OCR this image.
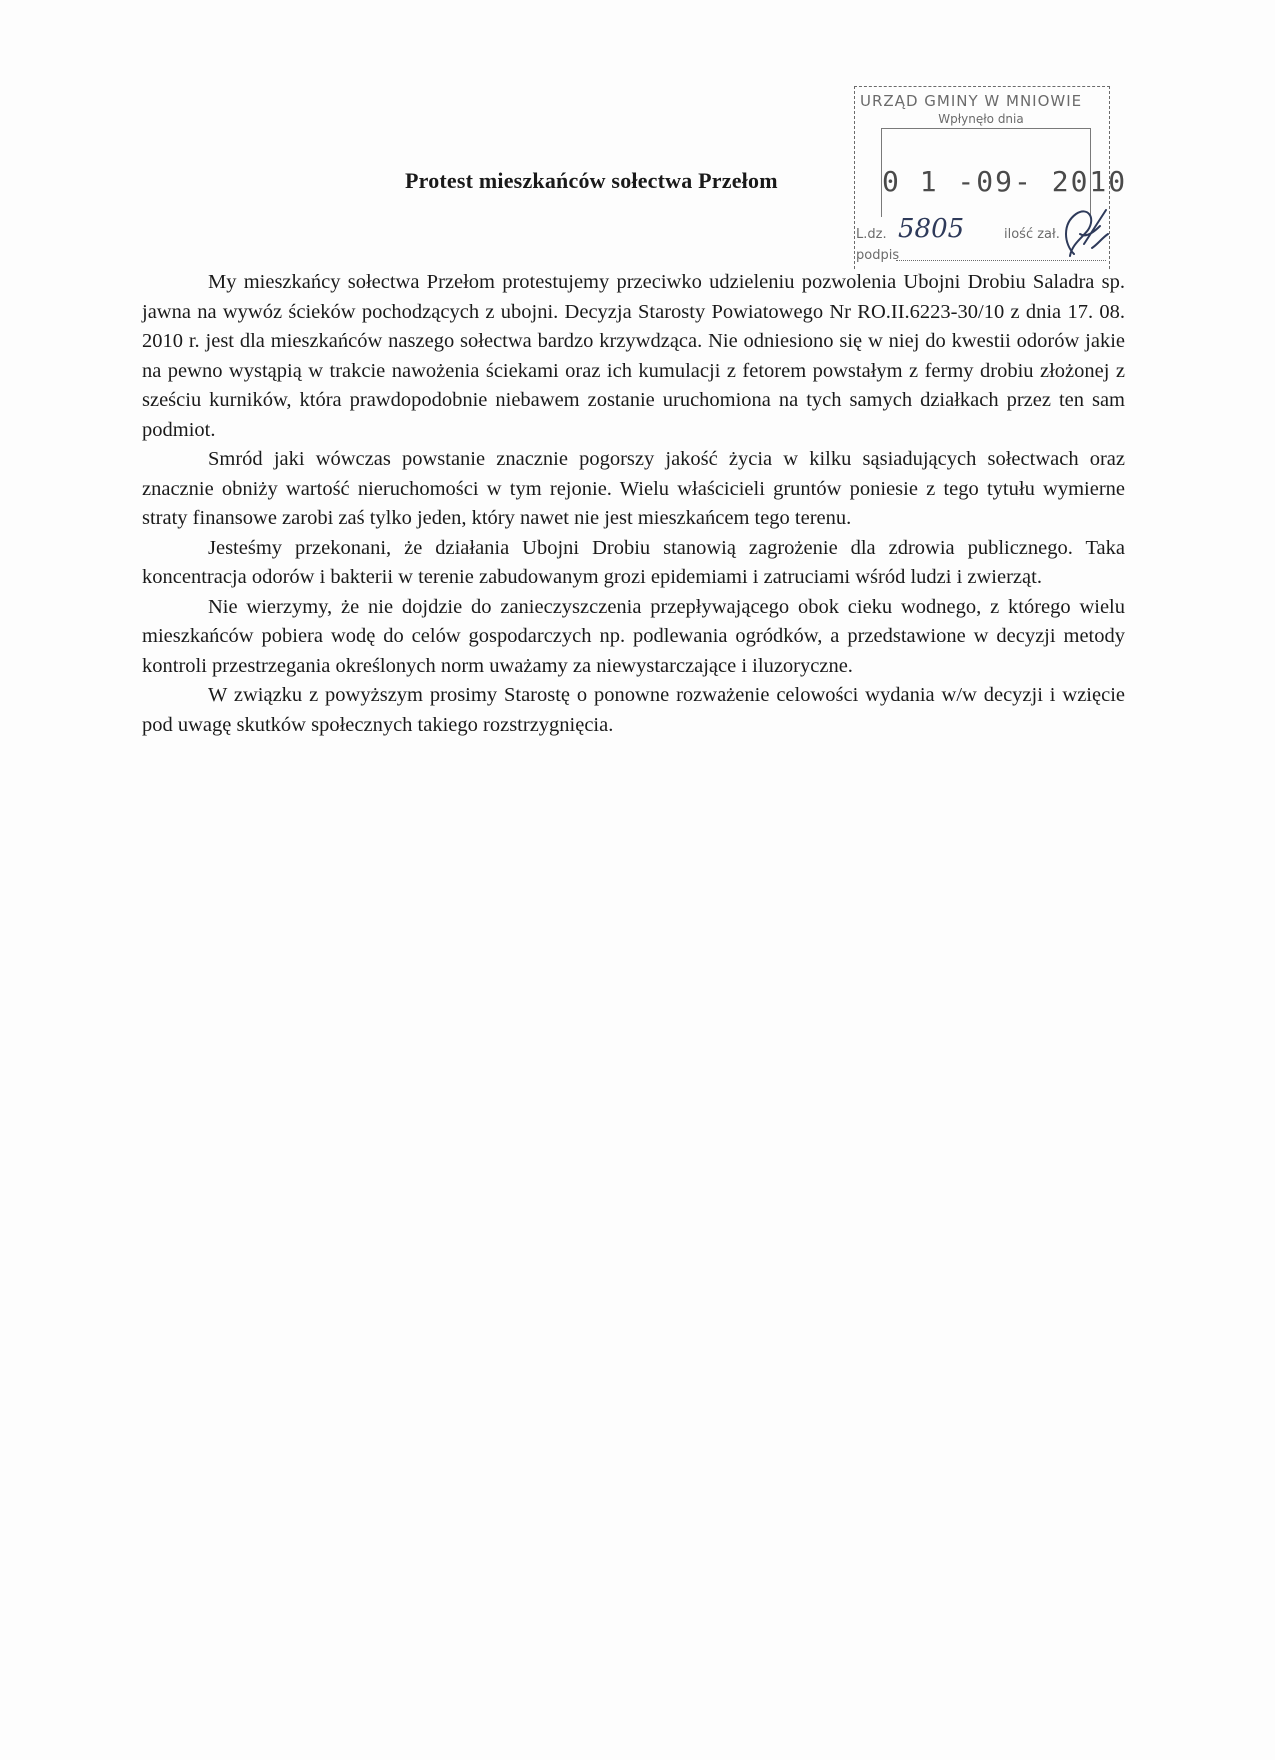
URZĄD GMINY W MNIOWIE
Wpłynęło dnia
0 1 -09- 2010
L.dz. 5805	ilość zał.
podpis
Protest mieszkańców sołectwa Przełom

My mieszkańcy sołectwa Przełom protestujemy przeciwko udzieleniu pozwolenia Ubojni Drobiu Saladra sp. jawna na wywóz ścieków pochodzących z ubojni. Decyzja Starosty Powiatowego Nr RO.II.6223-30/10 z dnia 17. 08. 2010 r. jest dla mieszkańców naszego sołectwa bardzo krzywdząca. Nie odniesiono się w niej do kwestii odorów jakie na pewno wystąpią w trakcie nawożenia ściekami oraz ich kumulacji z fetorem powstałym z fermy drobiu złożonej z sześciu kurników, która prawdopodobnie niebawem zostanie uruchomiona na tych samych działkach przez ten sam podmiot.

Smród jaki wówczas powstanie znacznie pogorszy jakość życia w kilku sąsiadujących sołectwach oraz znacznie obniży wartość nieruchomości w tym rejonie. Wielu właścicieli gruntów poniesie z tego tytułu wymierne straty finansowe zarobi zaś tylko jeden, który nawet nie jest mieszkańcem tego terenu.

Jesteśmy przekonani, że działania Ubojni Drobiu stanowią zagrożenie dla zdrowia publicznego. Taka koncentracja odorów i bakterii w terenie zabudowanym grozi epidemiami i zatruciami wśród ludzi i zwierząt.

Nie wierzymy, że nie dojdzie do zanieczyszczenia przepływającego obok cieku wodnego, z którego wielu mieszkańców pobiera wodę do celów gospodarczych np. podlewania ogródków, a przedstawione w decyzji metody kontroli przestrzegania określonych norm uważamy za niewystarczające i iluzoryczne.

W związku z powyższym prosimy Starostę o ponowne rozważenie celowości wydania w/w decyzji i wzięcie pod uwagę skutków społecznych takiego rozstrzygnięcia.
